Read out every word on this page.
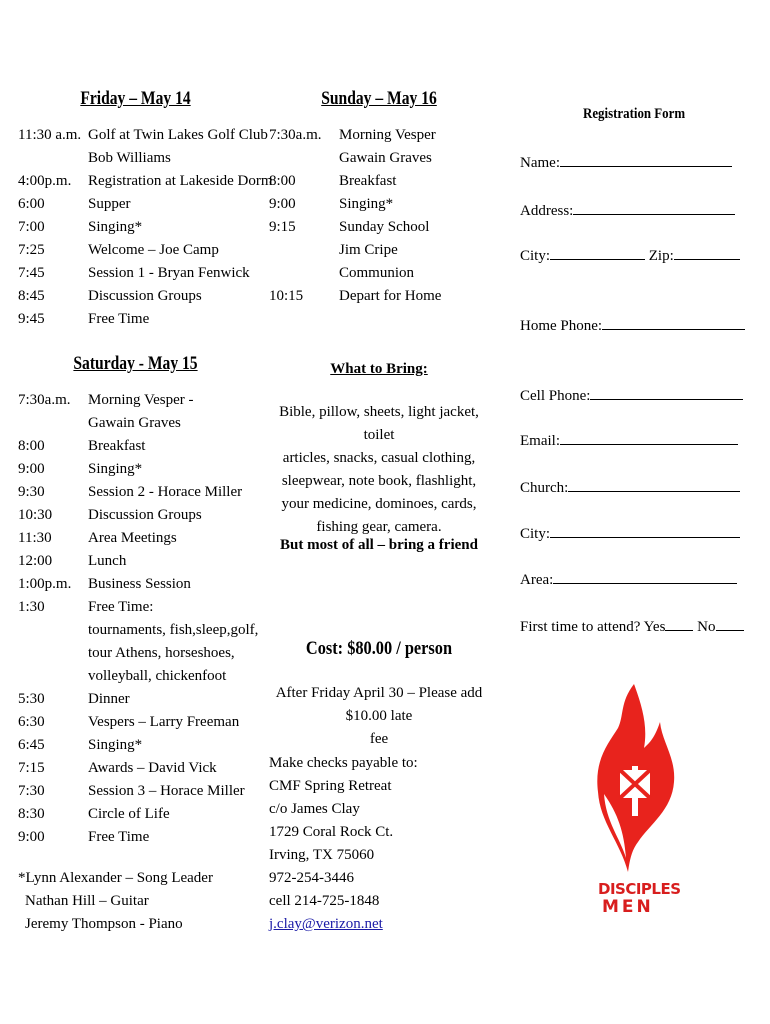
Friday – May 14
11:30 a.m. Golf at Twin Lakes Golf Club
Bob Williams
4:00p.m.	Registration at Lakeside Dorm
6:00	Supper
7:00	Singing*
7:25	Welcome – Joe Camp
7:45	Session 1 - Bryan Fenwick
8:45	Discussion Groups
9:45	Free Time
Saturday - May 15
7:30a.m.	Morning Vesper -
Gawain Graves
8:00	Breakfast
9:00	Singing*
9:30	Session 2 - Horace Miller
10:30	Discussion Groups
11:30	Area Meetings
12:00	Lunch
1:00p.m.	Business Session
1:30	Free Time:
tournaments, fish,sleep,golf,
tour Athens, horseshoes,
volleyball, chickenfoot
5:30	Dinner
6:30	Vespers – Larry Freeman
6:45	Singing*
7:15	Awards – David Vick
7:30	Session 3 – Horace Miller
8:30	Circle of Life
9:00	Free Time
*Lynn Alexander – Song Leader
Nathan Hill – Guitar
Jeremy Thompson - Piano
Sunday – May 16
7:30a.m.	Morning Vesper
Gawain Graves
8:00	Breakfast
9:00	Singing*
9:15	Sunday School
Jim Cripe
Communion
10:15	Depart for Home
What to Bring:
Bible, pillow, sheets, light jacket, toilet
articles, snacks, casual clothing,
sleepwear, note book, flashlight,
your medicine, dominoes, cards,
fishing gear, camera.
But most of all – bring a friend
Cost: $80.00 / person
After Friday April 30 – Please add $10.00 late
fee
Make checks payable to:
CMF Spring Retreat
c/o James Clay
1729 Coral Rock Ct.
Irving, TX 75060
972-254-3446
cell 214-725-1848
j.clay@verizon.net
Registration Form
Name:
Address:
City:	Zip:
Home Phone:
Cell Phone:
Email:
Church:
City:
Area:
First time to attend? Yes No
DISCIPLES
MEN
